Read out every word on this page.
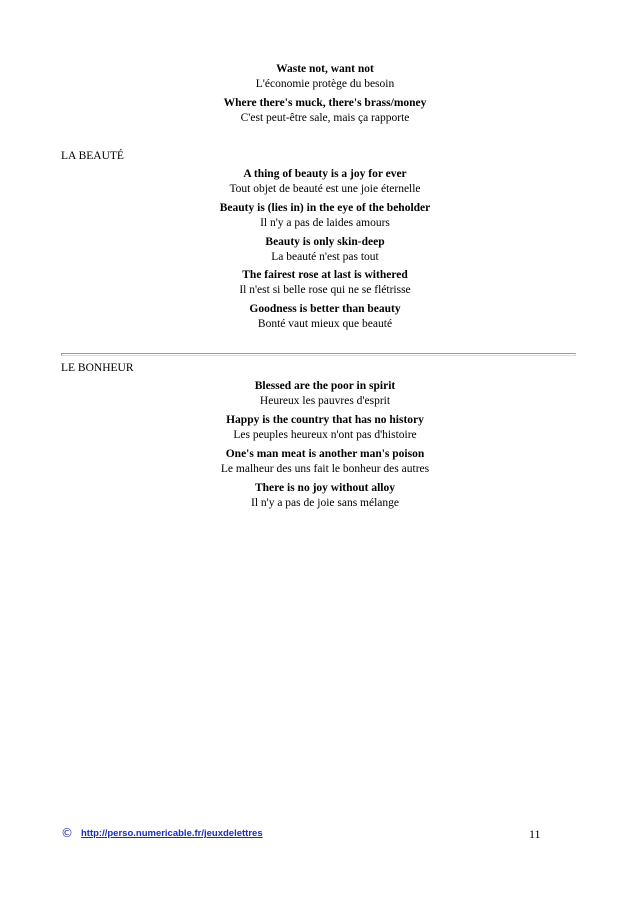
Waste not, want not
L'économie protège du besoin
Where there's muck, there's brass/money
C'est peut-être sale, mais ça rapporte
LA BEAUTÉ
A thing of beauty is a joy for ever
Tout objet de beauté est une joie éternelle
Beauty is (lies in) in the eye of the beholder
Il n'y a pas de laides amours
Beauty is only skin-deep
La beauté n'est pas tout
The fairest rose at last is withered
Il n'est si belle rose qui ne se flétrisse
Goodness is better than beauty
Bonté vaut mieux que beauté
LE BONHEUR
Blessed are the poor in spirit
Heureux les pauvres d'esprit
Happy is the country that has no history
Les peuples heureux n'ont pas d'histoire
One's man meat is another man's poison
Le malheur des uns fait le bonheur des autres
There is no joy without alloy
Il n'y a pas de joie sans mélange
© http://perso.numericable.fr/jeuxdelettres	11
